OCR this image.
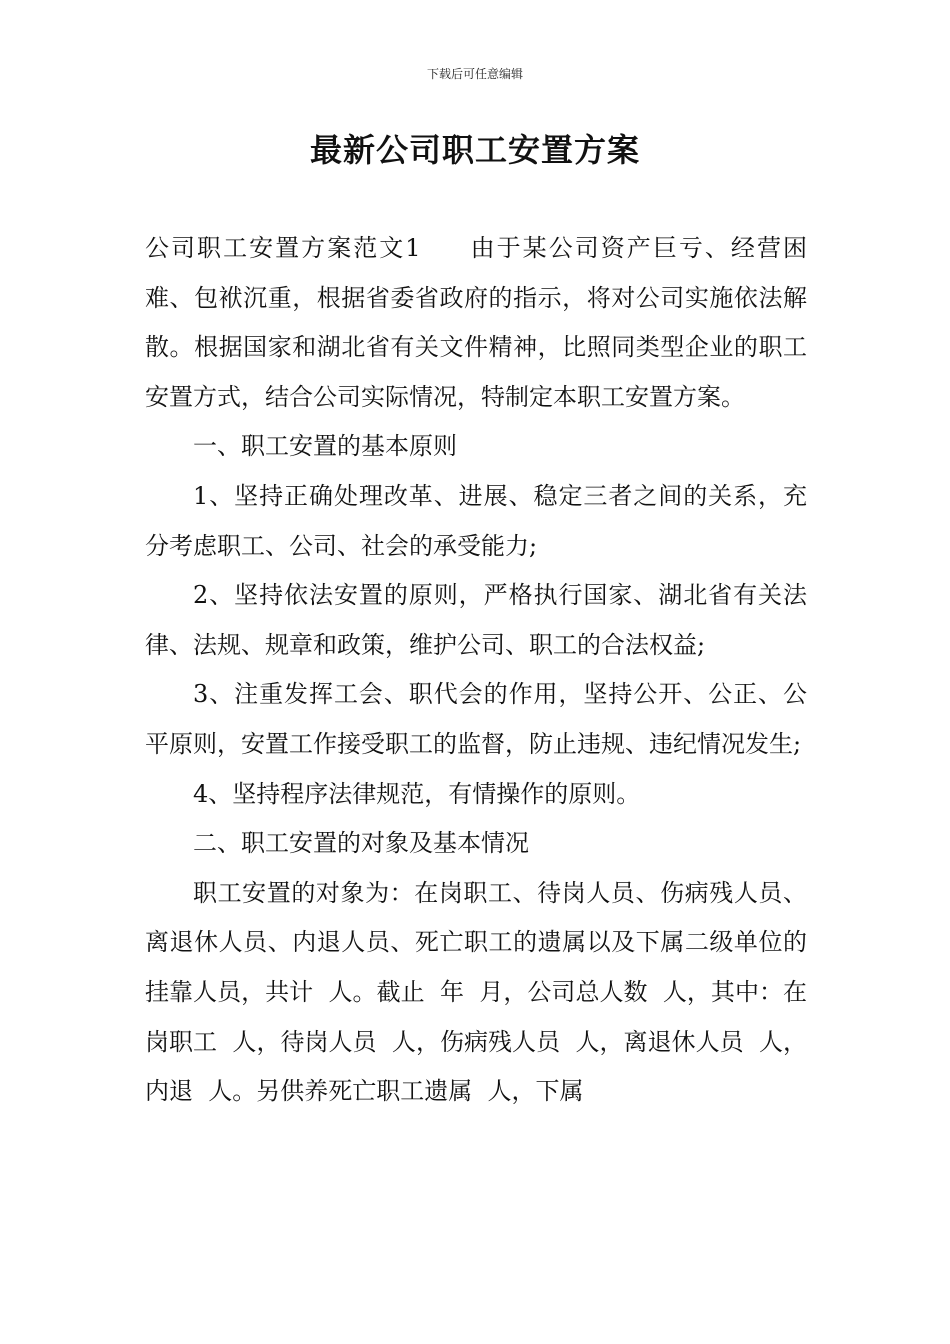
下载后可任意编辑
最新公司职工安置方案

公司职工安置方案范文1 由于某公司资产巨亏、经营困难、包袱沉重，根据省委省政府的指示，将对公司实施依法解散。根据国家和湖北省有关文件精神，比照同类型企业的职工安置方式，结合公司实际情况，特制定本职工安置方案。

一、职工安置的基本原则

1、坚持正确处理改革、进展、稳定三者之间的关系，充分考虑职工、公司、社会的承受能力;

2、坚持依法安置的原则，严格执行国家、湖北省有关法律、法规、规章和政策，维护公司、职工的合法权益;

3、注重发挥工会、职代会的作用，坚持公开、公正、公平原则，安置工作接受职工的监督，防止违规、违纪情况发生;

4、坚持程序法律规范，有情操作的原则。

二、职工安置的对象及基本情况

职工安置的对象为：在岗职工、待岗人员、伤病残人员、离退休人员、内退人员、死亡职工的遗属以及下属二级单位的挂靠人员，共计  人。截止  年  月，公司总人数  人，其中：在岗职工  人，待岗人员  人，伤病残人员  人，离退休人员  人，内退  人。另供养死亡职工遗属  人，下属
